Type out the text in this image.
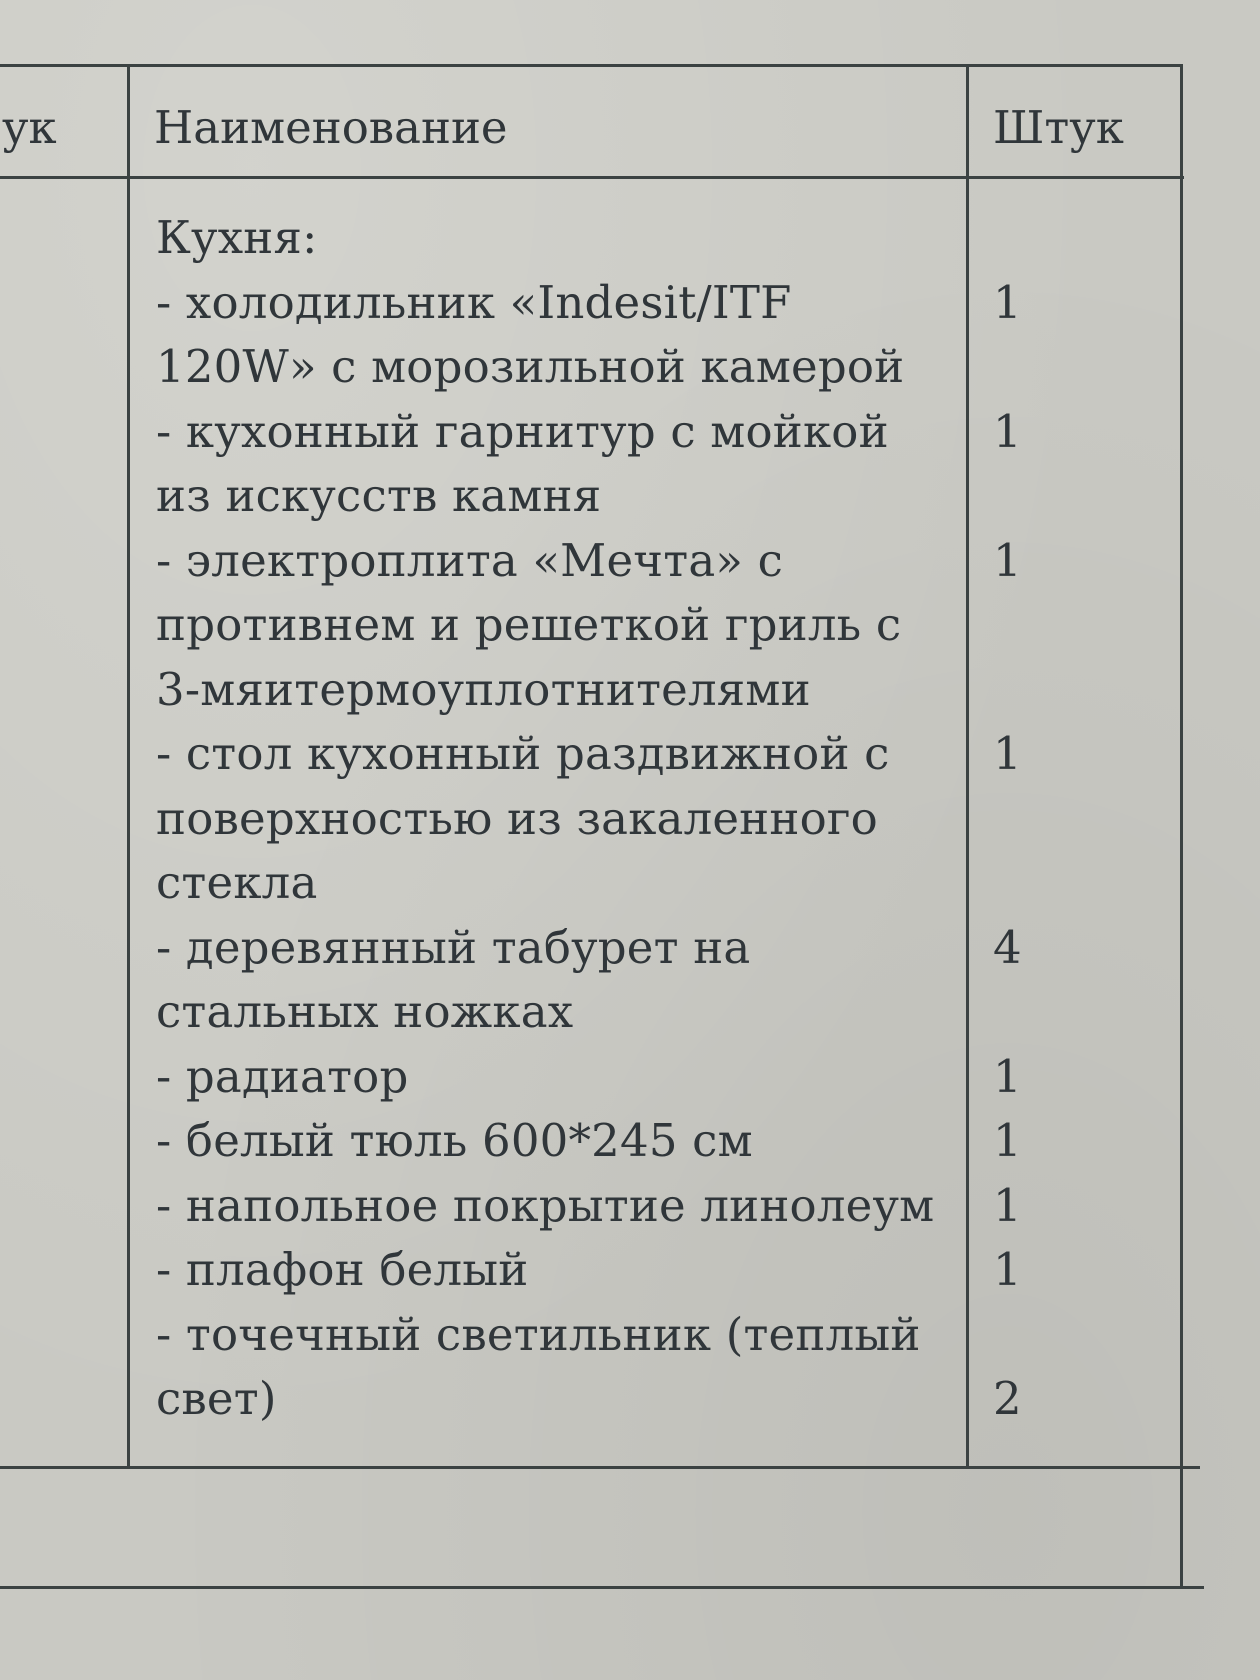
ук Наименование	Штук
Кухня:
- холодильник «Indesit/ITF
120W» с морозильной камерой
- кухонный гарнитур с мойкой
из искусств камня
- электроплита «Мечта» с
противнем и решеткой гриль с
3-мяитермоуплотнителями
- стол кухонный раздвижной с
поверхностью из закаленного
стекла
- деревянный табурет на
стальных ножках
- радиатор
- белый тюль 600*245 см
- напольное покрытие линолеум
- плафон белый
- точечный светильник (теплый
свет)
1
1
1
1
4
1
1
1
1
2
